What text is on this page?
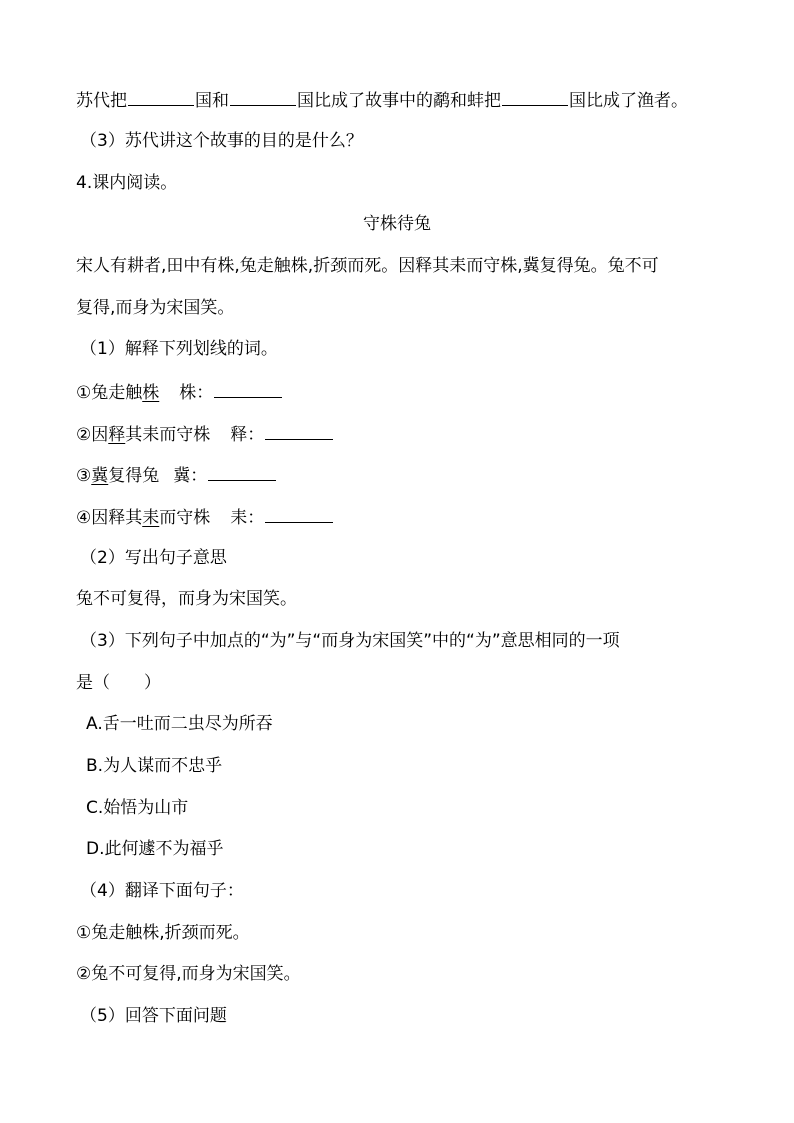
苏代把	国和	国比成了故事中的鹬和蚌把	国比成了渔者。
（3）苏代讲这个故事的目的是什么？
4.课内阅读。
守株待兔
宋人有耕者,田中有株,兔走触株,折颈而死。因释其耒而守株,冀复得兔。兔不可
复得,而身为宋国笑。
（1）解释下列划线的词。
①兔走触株 株：
②因释其耒而守株 释：
③冀复得兔 冀：
④因释其耒而守株 耒：
（2）写出句子意思
兔不可复得，而身为宋国笑。
（3）下列句子中加点的“为”与“而身为宋国笑”中的“为”意思相同的一项
是（　　）
A.舌一吐而二虫尽为所吞
B.为人谋而不忠乎
C.始悟为山市
D.此何遽不为福乎
（4）翻译下面句子：
①兔走触株,折颈而死。
②兔不可复得,而身为宋国笑。
（5）回答下面问题
